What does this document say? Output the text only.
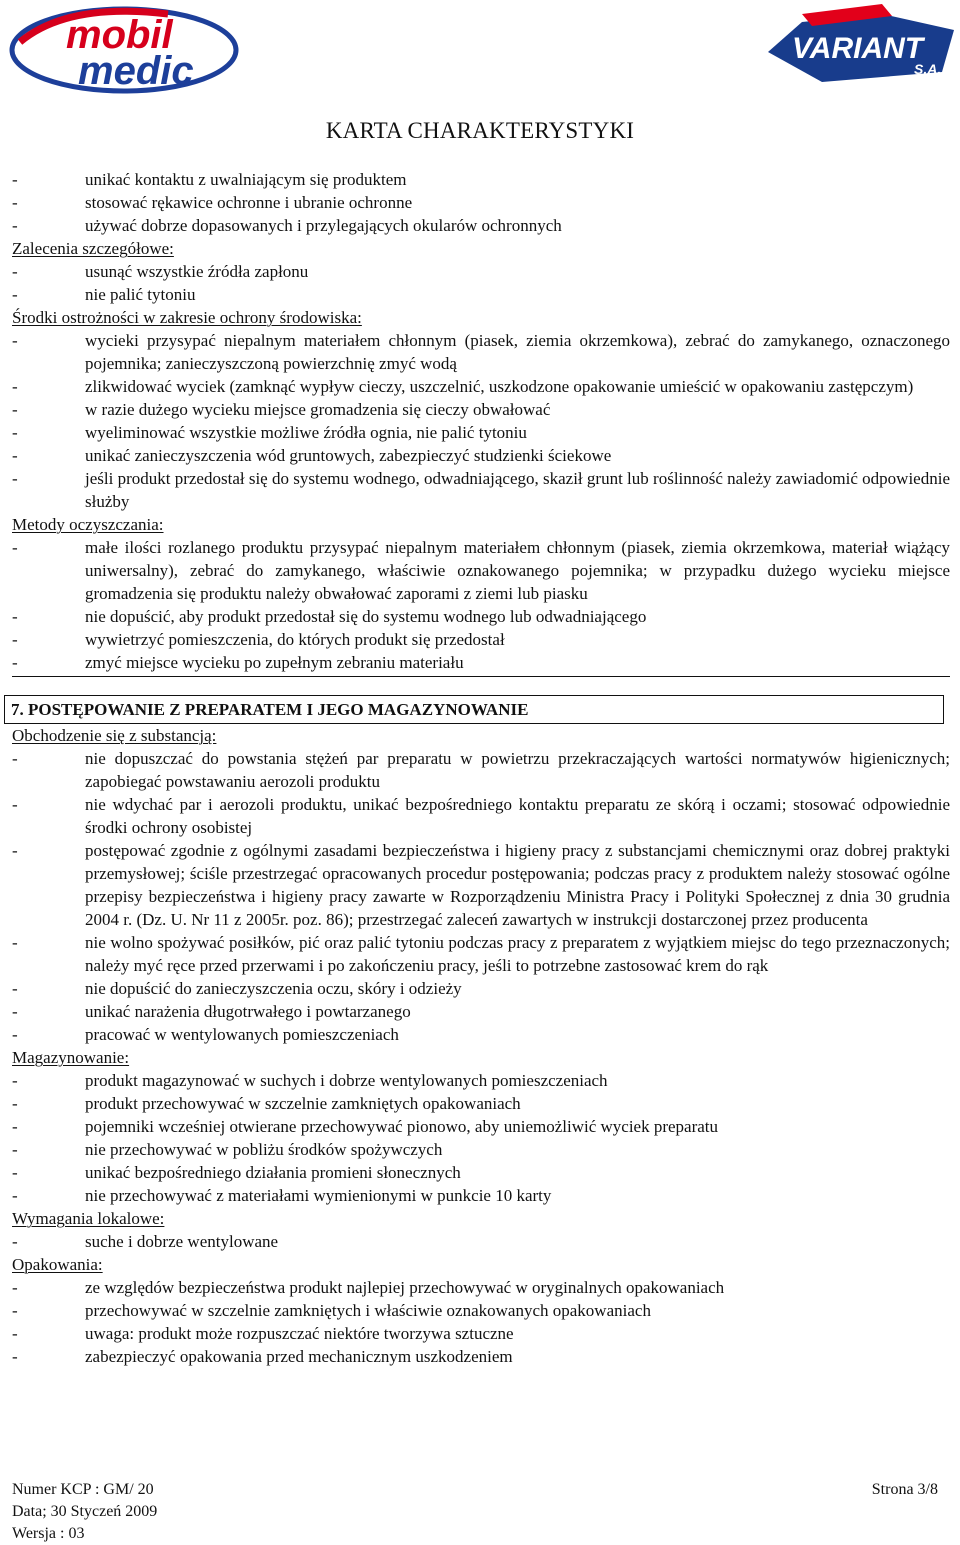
mobil
medic
VARIANT
S.A.
KARTA CHARAKTERYSTYKI
-	unikać kontaktu z uwalniającym się produktem
-	stosować rękawice ochronne i ubranie ochronne
-	używać dobrze dopasowanych i przylegających okularów ochronnych
Zalecenia szczegółowe:
-	usunąć wszystkie źródła zapłonu
-	nie palić tytoniu
Środki ostrożności w zakresie ochrony środowiska:
-	wycieki przysypać niepalnym materiałem chłonnym (piasek, ziemia okrzemkowa), zebrać do zamykanego, oznaczonego pojemnika; zanieczyszczoną powierzchnię zmyć wodą
-	zlikwidować wyciek (zamknąć wypływ cieczy, uszczelnić, uszkodzone opakowanie umieścić w opakowaniu zastępczym)
-	w razie dużego wycieku miejsce gromadzenia się cieczy obwałować
-	wyeliminować wszystkie możliwe źródła ognia, nie palić tytoniu
-	unikać zanieczyszczenia wód gruntowych, zabezpieczyć studzienki ściekowe
-	jeśli produkt przedostał się do systemu wodnego, odwadniającego, skaził grunt lub roślinność należy zawiadomić odpowiednie służby
Metody oczyszczania:
-	małe ilości rozlanego produktu przysypać niepalnym materiałem chłonnym (piasek, ziemia okrzemkowa, materiał wiążący uniwersalny), zebrać do zamykanego, właściwie oznakowanego pojemnika; w przypadku dużego wycieku miejsce gromadzenia się produktu należy obwałować zaporami z ziemi lub piasku
-	nie dopuścić, aby produkt przedostał się do systemu wodnego lub odwadniającego
-	wywietrzyć pomieszczenia, do których produkt się przedostał
-	zmyć miejsce wycieku po zupełnym zebraniu materiału
7. POSTĘPOWANIE Z PREPARATEM I JEGO MAGAZYNOWANIE
Obchodzenie się z substancją:
-	nie dopuszczać do powstania stężeń par preparatu w powietrzu przekraczających wartości normatywów higienicznych; zapobiegać powstawaniu aerozoli produktu
-	nie wdychać par i aerozoli produktu, unikać bezpośredniego kontaktu preparatu ze skórą i oczami; stosować odpowiednie środki ochrony osobistej
-	postępować zgodnie z ogólnymi zasadami bezpieczeństwa i higieny pracy z substancjami chemicznymi oraz dobrej praktyki przemysłowej; ściśle przestrzegać opracowanych procedur postępowania; podczas pracy z produktem należy stosować ogólne przepisy bezpieczeństwa i higieny pracy zawarte w Rozporządzeniu Ministra Pracy i Polityki Społecznej z dnia 30 grudnia 2004 r. (Dz. U. Nr 11 z 2005r. poz. 86); przestrzegać zaleceń zawartych w instrukcji dostarczonej przez producenta
-	nie wolno spożywać posiłków, pić oraz palić tytoniu podczas pracy z preparatem z wyjątkiem miejsc do tego przeznaczonych; należy myć ręce przed przerwami i po zakończeniu pracy, jeśli to potrzebne zastosować krem do rąk
-	nie dopuścić do zanieczyszczenia oczu, skóry i odzieży
-	unikać narażenia długotrwałego i powtarzanego
-	pracować w wentylowanych pomieszczeniach
Magazynowanie:
-	produkt magazynować w suchych i dobrze wentylowanych pomieszczeniach
-	produkt przechowywać w szczelnie zamkniętych opakowaniach
-	pojemniki wcześniej otwierane przechowywać pionowo, aby uniemożliwić wyciek preparatu
-	nie przechowywać w pobliżu środków spożywczych
-	unikać bezpośredniego działania promieni słonecznych
-	nie przechowywać z materiałami wymienionymi w punkcie 10 karty
Wymagania lokalowe:
-	suche i dobrze wentylowane
Opakowania:
-	ze względów bezpieczeństwa produkt najlepiej przechowywać w oryginalnych opakowaniach
-	przechowywać w szczelnie zamkniętych i właściwie oznakowanych opakowaniach
-	uwaga: produkt może rozpuszczać niektóre tworzywa sztuczne
-	zabezpieczyć opakowania przed mechanicznym uszkodzeniem
Numer KCP : GM/ 20
Data; 30 Styczeń 2009
Wersja : 03
Strona 3/8
